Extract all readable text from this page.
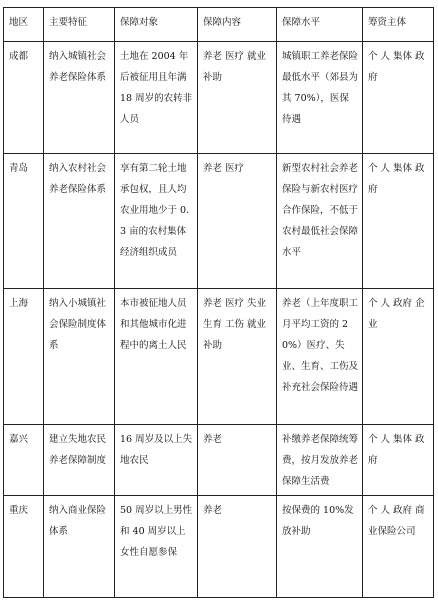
地区	主要特征	保障对象	保障内容	保障水平	筹资主体
成都	纳入城镇社会养老保险体系	土地在 2004 年后被征用且年满 18 周岁的农转非人员	养老 医疗 就业补助	城镇职工养老保险最低水平（郊县为其 70%），医保待遇	个 人 集体 政府
青岛	纳入农村社会养老保险体系	享有第二轮土地承包权，且人均农业用地少于 0.3 亩的农村集体经济组织成员	养老 医疗	新型农村社会养老保险与新农村医疗合作保险，不低于农村最低社会保障水平	个 人 集体 政府
上海	纳入小城镇社会保险制度体系	本市被征地人员和其他城市化进程中的离土人民	养老 医疗 失业 生育 工伤 就业补助	养老（上年度职工月平均工资的 20%）医疗、失业、生育、工伤及补充社会保险待遇	个 人 政府 企业
嘉兴	建立失地农民养老保障制度	16 周岁及以上失地农民	养老	补缴养老保障统筹费，按月发放养老保障生活费	个 人 集体 政府
重庆	纳入商业保险体系	50 周岁以上男性和 40 周岁以上女性自愿参保	养老	按保费的 10%发放补助	个 人 政府 商业保险公司
